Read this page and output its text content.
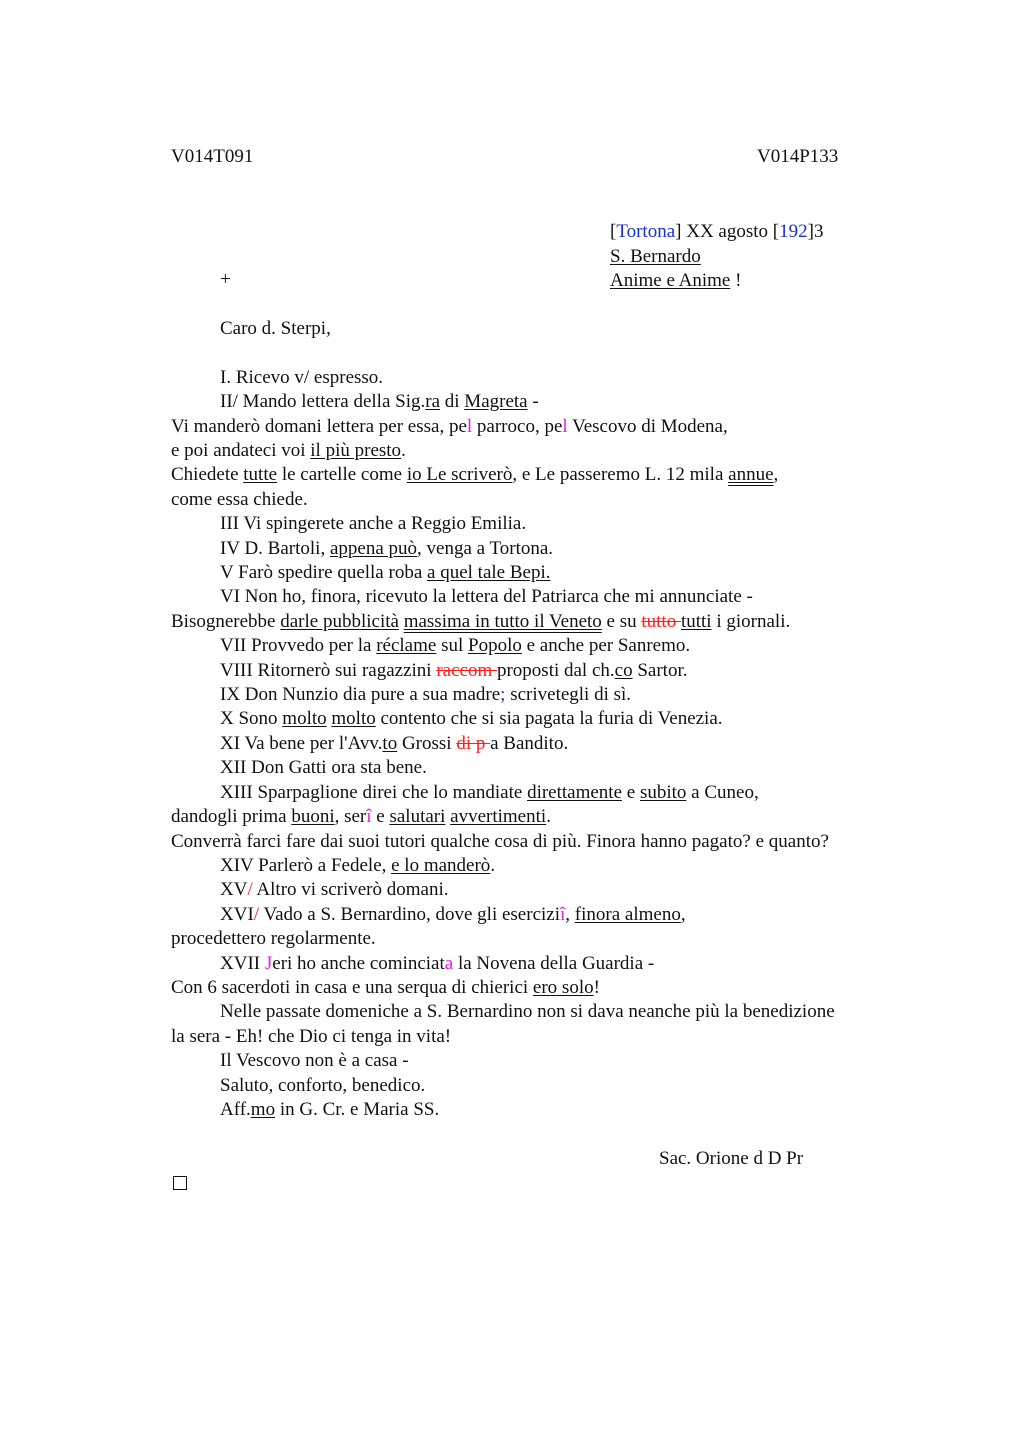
V014T091	V014P133
[Tortona] XX agosto [192]3
S. Bernardo
Anime e Anime !
+
Caro d. Sterpi,
I. Ricevo v/ espresso.
II/ Mando lettera della Sig.ra di Magreta -
Vi manderò domani lettera per essa, pel parroco, pel Vescovo di Modena,
e poi andateci voi il più presto.
Chiedete tutte le cartelle come io Le scriverò, e Le passeremo L. 12 mila annue,
come essa chiede.
III Vi spingerete anche a Reggio Emilia.
IV D. Bartoli, appena può, venga a Tortona.
V Farò spedire quella roba a quel tale Bepi.
VI Non ho, finora, ricevuto la lettera del Patriarca che mi annunciate -
Bisognerebbe darle pubblicità massima in tutto il Veneto e su tutto tutti i giornali.
VII Provvedo per la réclame sul Popolo e anche per Sanremo.
VIII Ritornerò sui ragazzini raccom proposti dal ch.co Sartor.
IX Don Nunzio dia pure a sua madre; scrivetegli di sì.
X Sono molto molto contento che si sia pagata la furia di Venezia.
XI Va bene per l'Avv.to Grossi di p a Bandito.
XII Don Gatti ora sta bene.
XIII Sparpaglione direi che lo mandiate direttamente e subito a Cuneo,
dandogli prima buoni, serî e salutari avvertimenti.
Converrà farci fare dai suoi tutori qualche cosa di più. Finora hanno pagato? e quanto?
XIV Parlerò a Fedele, e lo manderò.
XV/ Altro vi scriverò domani.
XVI/ Vado a S. Bernardino, dove gli eserciziî, finora almeno,
procedettero regolarmente.
XVII Jeri ho anche cominciata la Novena della Guardia -
Con 6 sacerdoti in casa e una serqua di chierici ero solo!
Nelle passate domeniche a S. Bernardino non si dava neanche più la benedizione
la sera - Eh! che Dio ci tenga in vita!
Il Vescovo non è a casa -
Saluto, conforto, benedico.
Aff.mo in G. Cr. e Maria SS.
Sac. Orione d D Pr
